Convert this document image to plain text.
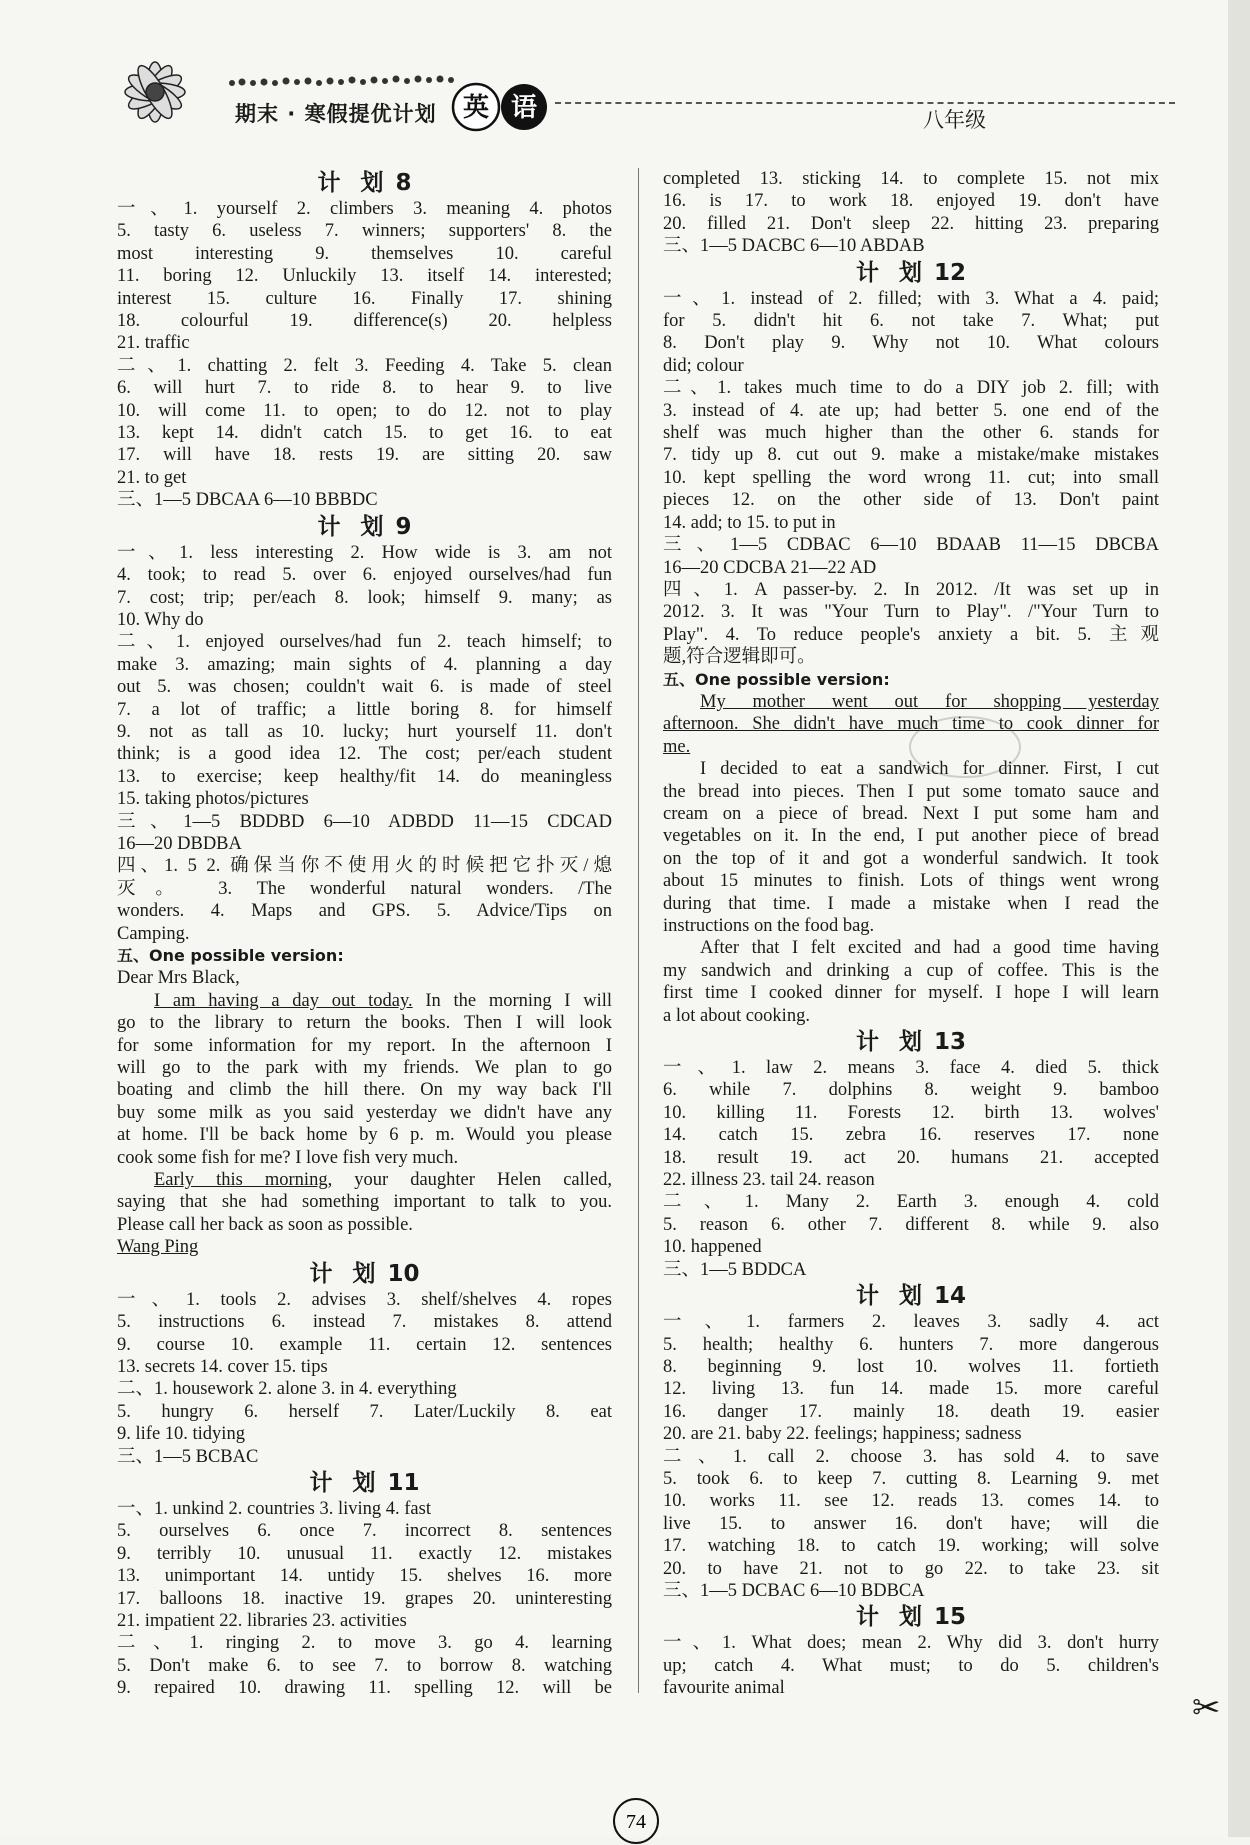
期末 · 寒假提优计划 英 语	八年级
计 划 8

一、1. yourself 2. climbers 3. meaning 4. photos

5. tasty 6. useless 7. winners; supporters' 8. the

most interesting 9. themselves 10. careful

11. boring 12. Unluckily 13. itself 14. interested;

interest 15. culture 16. Finally 17. shining

18. colourful 19. difference(s) 20. helpless

21. traffic

二、1. chatting 2. felt 3. Feeding 4. Take 5. clean

6. will hurt 7. to ride 8. to hear 9. to live

10. will come 11. to open; to do 12. not to play

13. kept 14. didn't catch 15. to get 16. to eat

17. will have 18. rests 19. are sitting 20. saw

21. to get

三、1—5 DBCAA 6—10 BBBDC

计 划 9

一、1. less interesting 2. How wide is 3. am not

4. took; to read 5. over 6. enjoyed ourselves/had fun

7. cost; trip; per/each 8. look; himself 9. many; as

10. Why do

二、1. enjoyed ourselves/had fun 2. teach himself; to

make 3. amazing; main sights of 4. planning a day

out 5. was chosen; couldn't wait 6. is made of steel

7. a lot of traffic; a little boring 8. for himself

9. not as tall as 10. lucky; hurt yourself 11. don't

think; is a good idea 12. The cost; per/each student

13. to exercise; keep healthy/fit 14. do meaningless

15. taking photos/pictures

三、1—5 BDDBD 6—10 ADBDD 11—15 CDCAD

16—20 DBDBA

四、1. 5 2. 确保当你不使用火的时候把它扑灭/熄

灭。 3. The wonderful natural wonders. /The

wonders. 4. Maps and GPS. 5. Advice/Tips on

Camping.

五、One possible version:

Dear Mrs Black,

I am having a day out today. In the morning I will

go to the library to return the books. Then I will look

for some information for my report. In the afternoon I

will go to the park with my friends. We plan to go

boating and climb the hill there. On my way back I'll

buy some milk as you said yesterday we didn't have any

at home. I'll be back home by 6 p. m. Would you please

cook some fish for me? I love fish very much.

Early this morning, your daughter Helen called,

saying that she had something important to talk to you.

Please call her back as soon as possible.

Wang Ping

计 划 10

一、1. tools 2. advises 3. shelf/shelves 4. ropes

5. instructions 6. instead 7. mistakes 8. attend

9. course 10. example 11. certain 12. sentences

13. secrets 14. cover 15. tips

二、1. housework 2. alone 3. in 4. everything

5. hungry 6. herself 7. Later/Luckily 8. eat

9. life 10. tidying

三、1—5 BCBAC

计 划 11

一、1. unkind 2. countries 3. living 4. fast

5. ourselves 6. once 7. incorrect 8. sentences

9. terribly 10. unusual 11. exactly 12. mistakes

13. unimportant 14. untidy 15. shelves 16. more

17. balloons 18. inactive 19. grapes 20. uninteresting

21. impatient 22. libraries 23. activities

二、1. ringing 2. to move 3. go 4. learning

5. Don't make 6. to see 7. to borrow 8. watching

9. repaired 10. drawing 11. spelling 12. will be

completed 13. sticking 14. to complete 15. not mix

16. is 17. to work 18. enjoyed 19. don't have

20. filled 21. Don't sleep 22. hitting 23. preparing

三、1—5 DACBC 6—10 ABDAB

计 划 12

一、1. instead of 2. filled; with 3. What a 4. paid;

for 5. didn't hit 6. not take 7. What; put

8. Don't play 9. Why not 10. What colours

did; colour

二、1. takes much time to do a DIY job 2. fill; with

3. instead of 4. ate up; had better 5. one end of the

shelf was much higher than the other 6. stands for

7. tidy up 8. cut out 9. make a mistake/make mistakes

10. kept spelling the word wrong 11. cut; into small

pieces 12. on the other side of 13. Don't paint

14. add; to 15. to put in

三、1—5 CDBAC 6—10 BDAAB 11—15 DBCBA

16—20 CDCBA 21—22 AD

四、1. A passer-by. 2. In 2012. /It was set up in

2012. 3. It was "Your Turn to Play". /"Your Turn to

Play". 4. To reduce people's anxiety a bit. 5. 主观

题,符合逻辑即可。

五、One possible version:

My mother went out for shopping yesterday

afternoon. She didn't have much time to cook dinner for

me.

I decided to eat a sandwich for dinner. First, I cut

the bread into pieces. Then I put some tomato sauce and

cream on a piece of bread. Next I put some ham and

vegetables on it. In the end, I put another piece of bread

on the top of it and got a wonderful sandwich. It took

about 15 minutes to finish. Lots of things went wrong

during that time. I made a mistake when I read the

instructions on the food bag.

After that I felt excited and had a good time having

my sandwich and drinking a cup of coffee. This is the

first time I cooked dinner for myself. I hope I will learn

a lot about cooking.

计 划 13

一、1. law 2. means 3. face 4. died 5. thick

6. while 7. dolphins 8. weight 9. bamboo

10. killing 11. Forests 12. birth 13. wolves'

14. catch 15. zebra 16. reserves 17. none

18. result 19. act 20. humans 21. accepted

22. illness 23. tail 24. reason

二、1. Many 2. Earth 3. enough 4. cold

5. reason 6. other 7. different 8. while 9. also

10. happened

三、1—5 BDDCA

计 划 14

一、1. farmers 2. leaves 3. sadly 4. act

5. health; healthy 6. hunters 7. more dangerous

8. beginning 9. lost 10. wolves 11. fortieth

12. living 13. fun 14. made 15. more careful

16. danger 17. mainly 18. death 19. easier

20. are 21. baby 22. feelings; happiness; sadness

二、1. call 2. choose 3. has sold 4. to save

5. took 6. to keep 7. cutting 8. Learning 9. met

10. works 11. see 12. reads 13. comes 14. to

live 15. to answer 16. don't have; will die

17. watching 18. to catch 19. working; will solve

20. to have 21. not to go 22. to take 23. sit

三、1—5 DCBAC 6—10 BDBCA

计 划 15

一、1. What does; mean 2. Why did 3. don't hurry

up; catch 4. What must; to do 5. children's

favourite animal

✂
74
